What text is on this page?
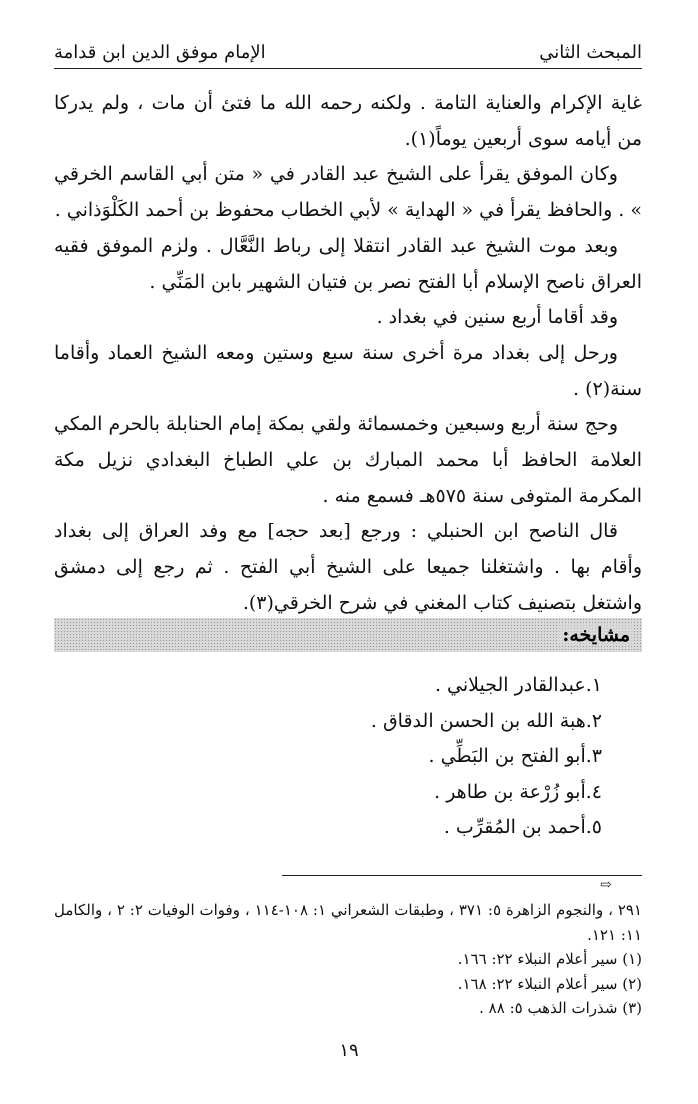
المبحث الثاني
الإمام موفق الدين ابن قدامة

غاية الإكرام والعناية التامة . ولكنه رحمه الله ما فتئ أن مات ، ولم يدركا من أيامه سوى أربعين يوماً(١).

وكان الموفق يقرأ على الشيخ عبد القادر في « متن أبي القاسم الخرقي » . والحافظ يقرأ في « الهداية » لأبي الخطاب محفوظ بن أحمد الكَلْوَذاني .

وبعد موت الشيخ عبد القادر انتقلا إلى رباط النَّعَّال . ولزم الموفق فقيه العراق ناصح الإسلام أبا الفتح نصر بن فتيان الشهير بابن المَنِّي .

وقد أقاما أربع سنين في بغداد .

ورحل إلى بغداد مرة أخرى سنة سبع وستين ومعه الشيخ العماد وأقاما سنة(٢) .

وحج سنة أربع وسبعين وخمسمائة ولقي بمكة إمام الحنابلة بالحرم المكي العلامة الحافظ أبا محمد المبارك بن علي الطباخ البغدادي نزيل مكة المكرمة المتوفى سنة ٥٧٥هـ فسمع منه .

قال الناصح ابن الحنبلي : ورجع [بعد حجه] مع وفد العراق إلى بغداد وأقام بها . واشتغلنا جميعا على الشيخ أبي الفتح . ثم رجع إلى دمشق واشتغل بتصنيف كتاب المغني في شرح الخرقي(٣).

مشايخه:
١.عبدالقادر الجيلاني .
٢.هبة الله بن الحسن الدقاق .
٣.أبو الفتح بن البَطِّي .
٤.أبو زُرْعة بن طاهر .
٥.أحمد بن المُقرِّب .
⇨

٢٩١ ، والنجوم الزاهرة ٥: ٣٧١ ، وطبقات الشعراني ١: ١٠٨-١١٤ ، وفوات الوفيات ٢: ٢ ، والكامل ١١: ١٢١.

(١) سير أعلام النبلاء ٢٢: ١٦٦.

(٢) سير أعلام النبلاء ٢٢: ١٦٨.

(٣) شذرات الذهب ٥: ٨٨ .

١٩
